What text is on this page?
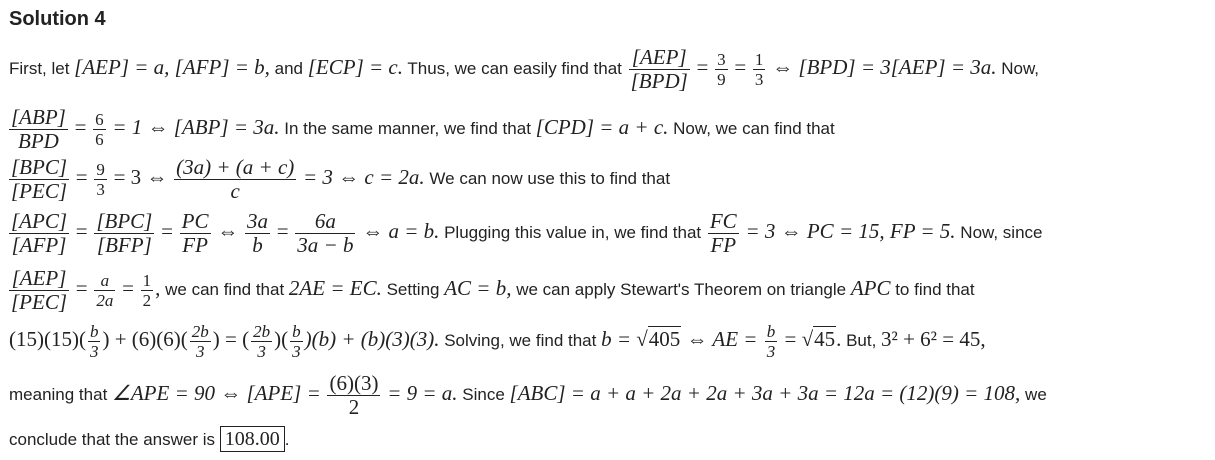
Solution 4
First, let [AEP] = a, [AFP] = b, and [ECP] = c. Thus, we can easily find that $\frac{\text{[AEP]}}{\text{[BPD]}} = \frac{3}{9} = \frac{1}{3}$ ⇔ [BPD] = 3[AEP] = 3a. Now,
$\frac{\text{[ABP]}}{\text{BPD}} = \frac{6}{6} = 1$ ⇔ [ABP] = 3a. In the same manner, we find that [CPD] = a + c. Now, we can find that
$\frac{\text{[BPC]}}{\text{[PEC]}} = \frac{9}{3} = 3$ ⇔ $\frac{(3a) + (a + c)}{c} = 3$ ⇔ c = 2a. We can now use this to find that
$\frac{\text{[APC]}}{\text{[AFP]}} = \frac{\text{[BPC]}}{\text{[BFP]}} = \frac{PC}{FP}$ ⇔ $\frac{3a}{b} = \frac{6a}{3a - b}$ ⇔ a = b. Plugging this value in, we find that $\frac{FC}{FP} = 3$ ⇔ PC = 15, FP = 5. Now, since
$\frac{\text{[AEP]}}{\text{[PEC]}} = \frac{a}{2a} = \frac{1}{2}$ , we can find that 2AE = EC. Setting AC = b, we can apply Stewart's Theorem on triangle APC to find that
$(15)(15)( \frac{b}{3}$ ) + $(6)(6)( \frac{2b}{3}$ ) = ( $\frac{2b}{3}$ )( $\frac{b}{3} )(b) + (b)(3)(3)$. Solving, we find that b = √405 ⇔ AE = $\frac{b}{3} = √45$. But, 3² + 6² = 45,
meaning that ∠APE = 90 ⇔ $[APE] = \frac{(6)(3)}{2} = 9 = a$. Since [ABC] = a + a + 2a + 2a + 3a + 3a = 12a = (12)(9) = 108, we
conclude that the answer is 108.00 .
